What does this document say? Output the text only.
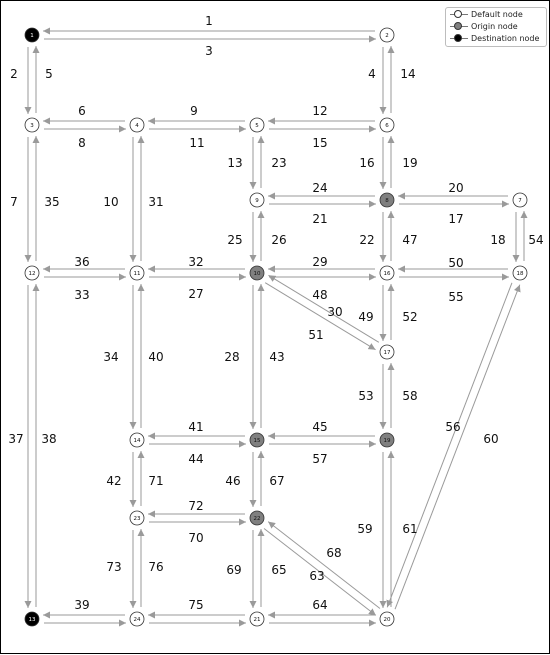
1
2
3
4
5
6
7
8
9
10
11
12
13
14
15
16
17
18
19
20
21
22
23
24
25 26
27
28
29
30
31
32
33
34
35
36
37 38
39
40
41
42
43
44
45
46
47
48
49
50
51
52
53
54
55
56
57
58
59
60
61
63
64
65
67
68
69
70
71
72
73
75
76
1	2
3	4	5	6
7
8
9
10
11
12
13
14	15
16
17
18
19
20
21
22
23
24
Default node
Origin node
Destination node
